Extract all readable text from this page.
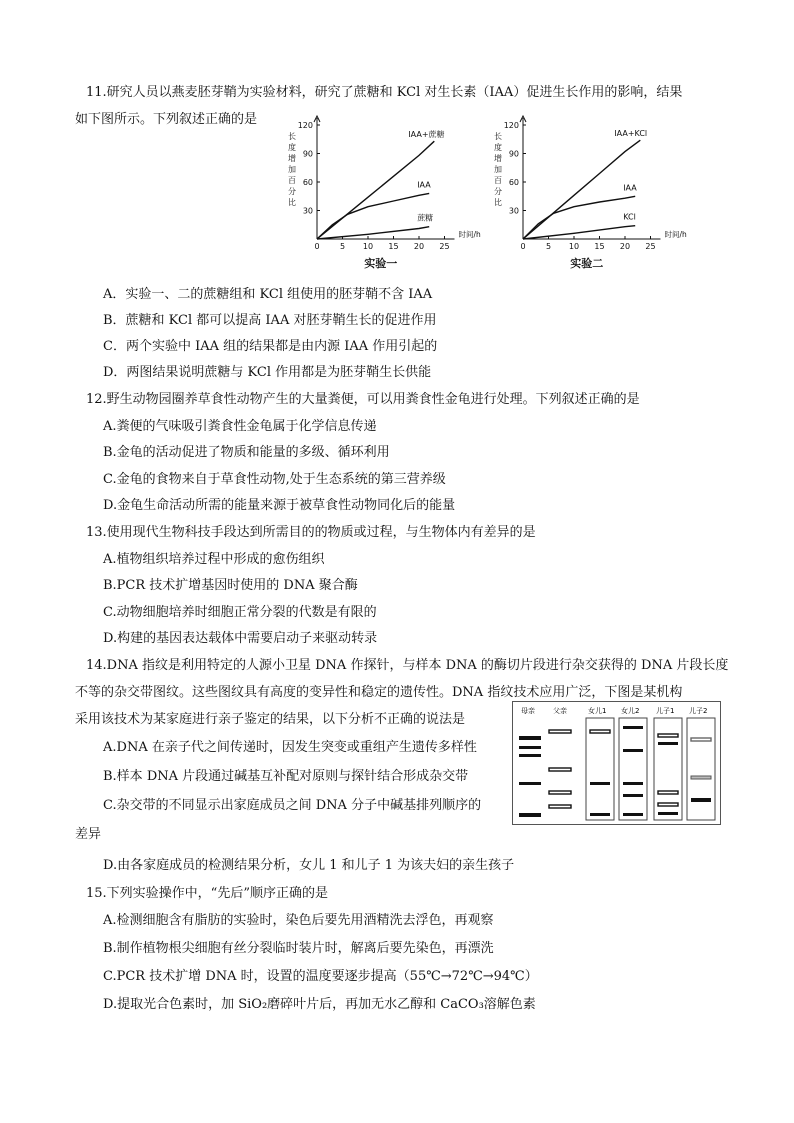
11.研究人员以燕麦胚芽鞘为实验材料，研究了蔗糖和 KCl 对生长素（IAA）促进生长作用的影响，结果
如下图所示。下列叙述正确的是
30
60
90
120
0	5 10 15 20 25
时间/h
长
度
增
加
百
分
比
IAA+蔗糖
IAA
蔗糖
实验一
30
60
90
120
0	5 10 15 20 25
时间/h
长
度
增
加
百
分
比
IAA+KCl
IAA
KCl
实验二
A．实验一、二的蔗糖组和 KCl 组使用的胚芽鞘不含 IAA
B．蔗糖和 KCl 都可以提高 IAA 对胚芽鞘生长的促进作用
C．两个实验中 IAA 组的结果都是由内源 IAA 作用引起的
D．两图结果说明蔗糖与 KCl 作用都是为胚芽鞘生长供能
12.野生动物园圈养草食性动物产生的大量粪便，可以用粪食性金龟进行处理。下列叙述正确的是
A.粪便的气味吸引粪食性金龟属于化学信息传递
B.金龟的活动促进了物质和能量的多级、循环利用
C.金龟的食物来自于草食性动物,处于生态系统的第三营养级
D.金龟生命活动所需的能量来源于被草食性动物同化后的能量
13.使用现代生物科技手段达到所需目的的物质或过程，与生物体内有差异的是
A.植物组织培养过程中形成的愈伤组织
B.PCR 技术扩增基因时使用的 DNA 聚合酶
C.动物细胞培养时细胞正常分裂的代数是有限的
D.构建的基因表达载体中需要启动子来驱动转录
14.DNA 指纹是利用特定的人源小卫星 DNA 作探针，与样本 DNA 的酶切片段进行杂交获得的 DNA 片段长度
不等的杂交带图纹。这些图纹具有高度的变异性和稳定的遗传性。DNA 指纹技术应用广泛，下图是某机构
采用该技术为某家庭进行亲子鉴定的结果，以下分析不正确的说法是
A.DNA 在亲子代之间传递时，因发生突变或重组产生遗传多样性
B.样本 DNA 片段通过碱基互补配对原则与探针结合形成杂交带
C.杂交带的不同显示出家庭成员之间 DNA 分子中碱基排列顺序的
差异
D.由各家庭成员的检测结果分析，女儿 1 和儿子 1 为该夫妇的亲生孩子
母亲	父亲	女儿1 女儿2 儿子1 儿子2
15.下列实验操作中，“先后”顺序正确的是
A.检测细胞含有脂肪的实验时，染色后要先用酒精洗去浮色，再观察
B.制作植物根尖细胞有丝分裂临时装片时，解离后要先染色，再漂洗
C.PCR 技术扩增 DNA 时，设置的温度要逐步提高（55℃→72℃→94℃）
D.提取光合色素时，加 SiO₂磨碎叶片后，再加无水乙醇和 CaCO₃溶解色素
